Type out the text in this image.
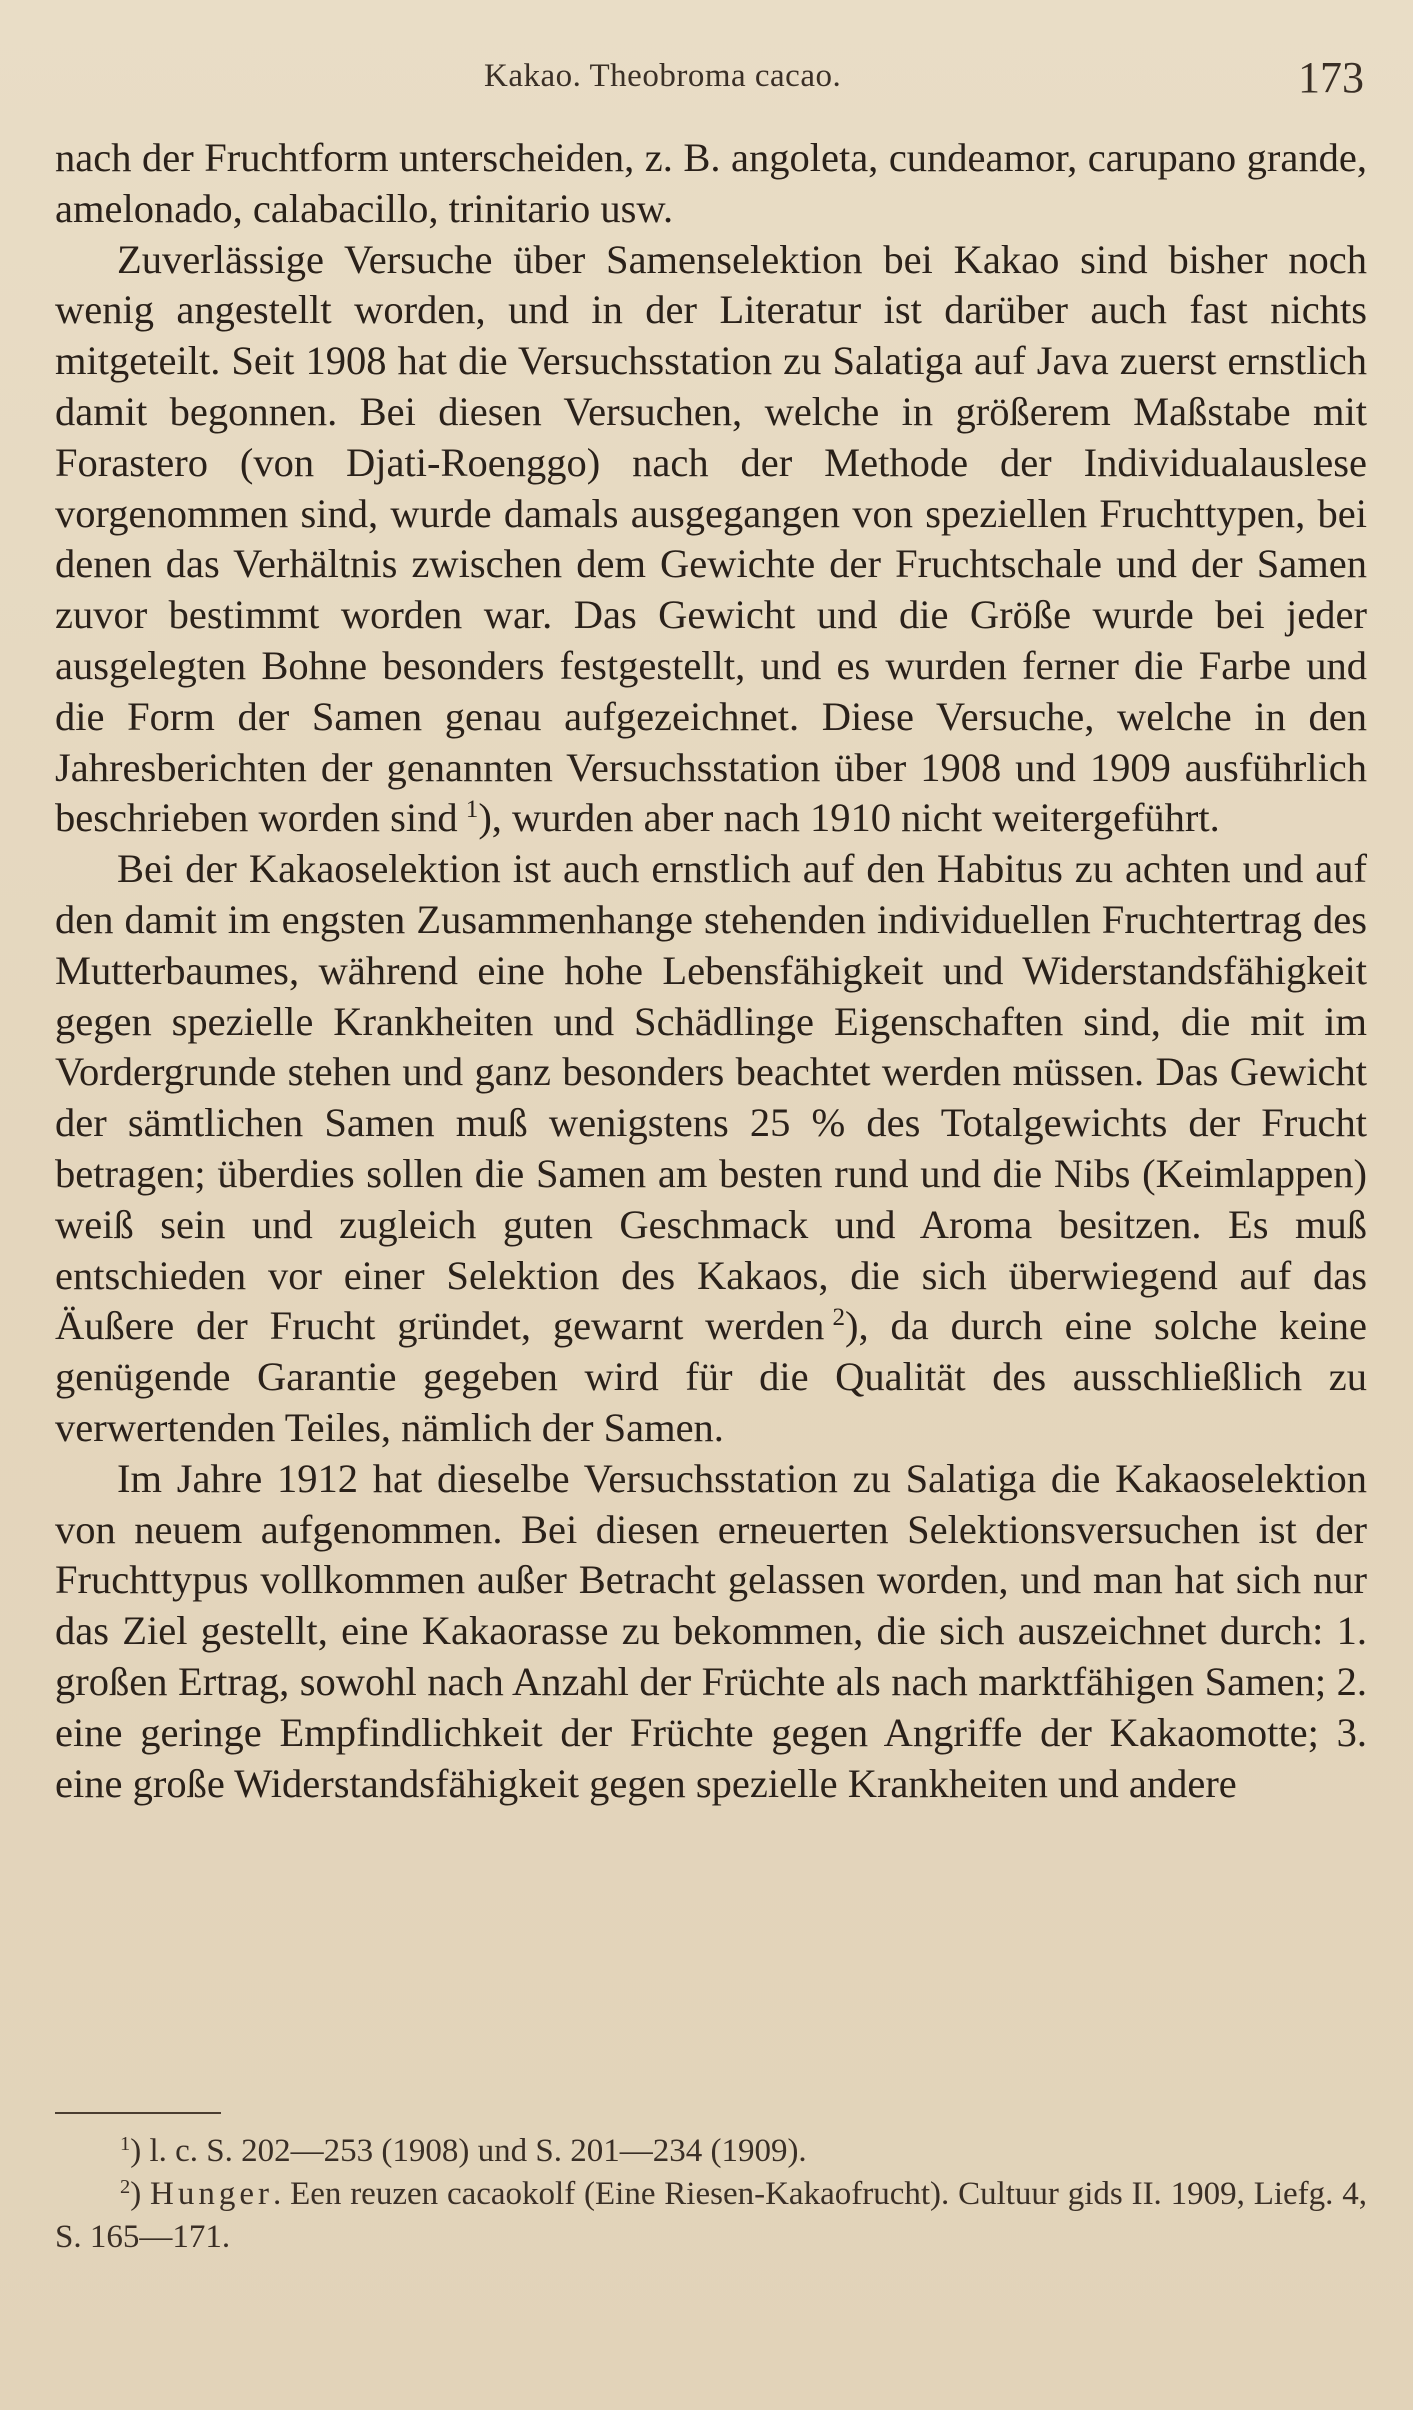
Kakao. Theobroma cacao.	173

nach der Fruchtform unterscheiden, z. B. angoleta, cundeamor, carupano grande, amelonado, calabacillo, trinitario usw.

Zuverlässige Versuche über Samenselektion bei Kakao sind bisher noch wenig angestellt worden, und in der Literatur ist darüber auch fast nichts mitgeteilt. Seit 1908 hat die Versuchsstation zu Salatiga auf Java zuerst ernstlich damit begonnen. Bei diesen Versuchen, welche in größerem Maßstabe mit Forastero (von Djati-Roenggo) nach der Methode der Individualauslese vorgenommen sind, wurde damals ausgegangen von speziellen Fruchttypen, bei denen das Verhältnis zwischen dem Gewichte der Fruchtschale und der Samen zuvor bestimmt worden war. Das Gewicht und die Größe wurde bei jeder ausgelegten Bohne besonders festgestellt, und es wurden ferner die Farbe und die Form der Samen genau aufgezeichnet. Diese Versuche, welche in den Jahresberichten der genannten Versuchsstation über 1908 und 1909 ausführlich beschrieben worden sind  $^1$), wurden aber nach 1910 nicht weitergeführt.

Bei der Kakaoselektion ist auch ernstlich auf den Habitus zu achten und auf den damit im engsten Zusammenhange stehenden individuellen Fruchtertrag des Mutterbaumes, während eine hohe Lebensfähigkeit und Widerstandsfähigkeit gegen spezielle Krankheiten und Schädlinge Eigenschaften sind, die mit im Vordergrunde stehen und ganz besonders beachtet werden müssen. Das Gewicht der sämtlichen Samen muß wenigstens 25 % des Totalgewichts der Frucht betragen; überdies sollen die Samen am besten rund und die Nibs (Keimlappen) weiß sein und zugleich guten Geschmack und Aroma besitzen. Es muß entschieden vor einer Selektion des Kakaos, die sich überwiegend auf das Äußere der Frucht gründet, gewarnt werden  $^2$), da durch eine solche keine genügende Garantie gegeben wird für die Qualität des ausschließlich zu verwertenden Teiles, nämlich der Samen.

Im Jahre 1912 hat dieselbe Versuchsstation zu Salatiga die Kakaoselektion von neuem aufgenommen. Bei diesen erneuerten Selektionsversuchen ist der Fruchttypus vollkommen außer Betracht gelassen worden, und man hat sich nur das Ziel gestellt, eine Kakaorasse zu bekommen, die sich auszeichnet durch: 1. großen Ertrag, sowohl nach Anzahl der Früchte als nach marktfähigen Samen; 2. eine geringe Empfindlichkeit der Früchte gegen Angriffe der Kakaomotte; 3. eine große Widerstandsfähigkeit gegen spezielle Krankheiten und andere

$^1$) l. c. S. 202—253 (1908) und S. 201—234 (1909).

$^2$) Hunger. Een reuzen cacaokolf (Eine Riesen-Kakaofrucht). Cultuur gids II. 1909, Liefg. 4, S. 165—171.
